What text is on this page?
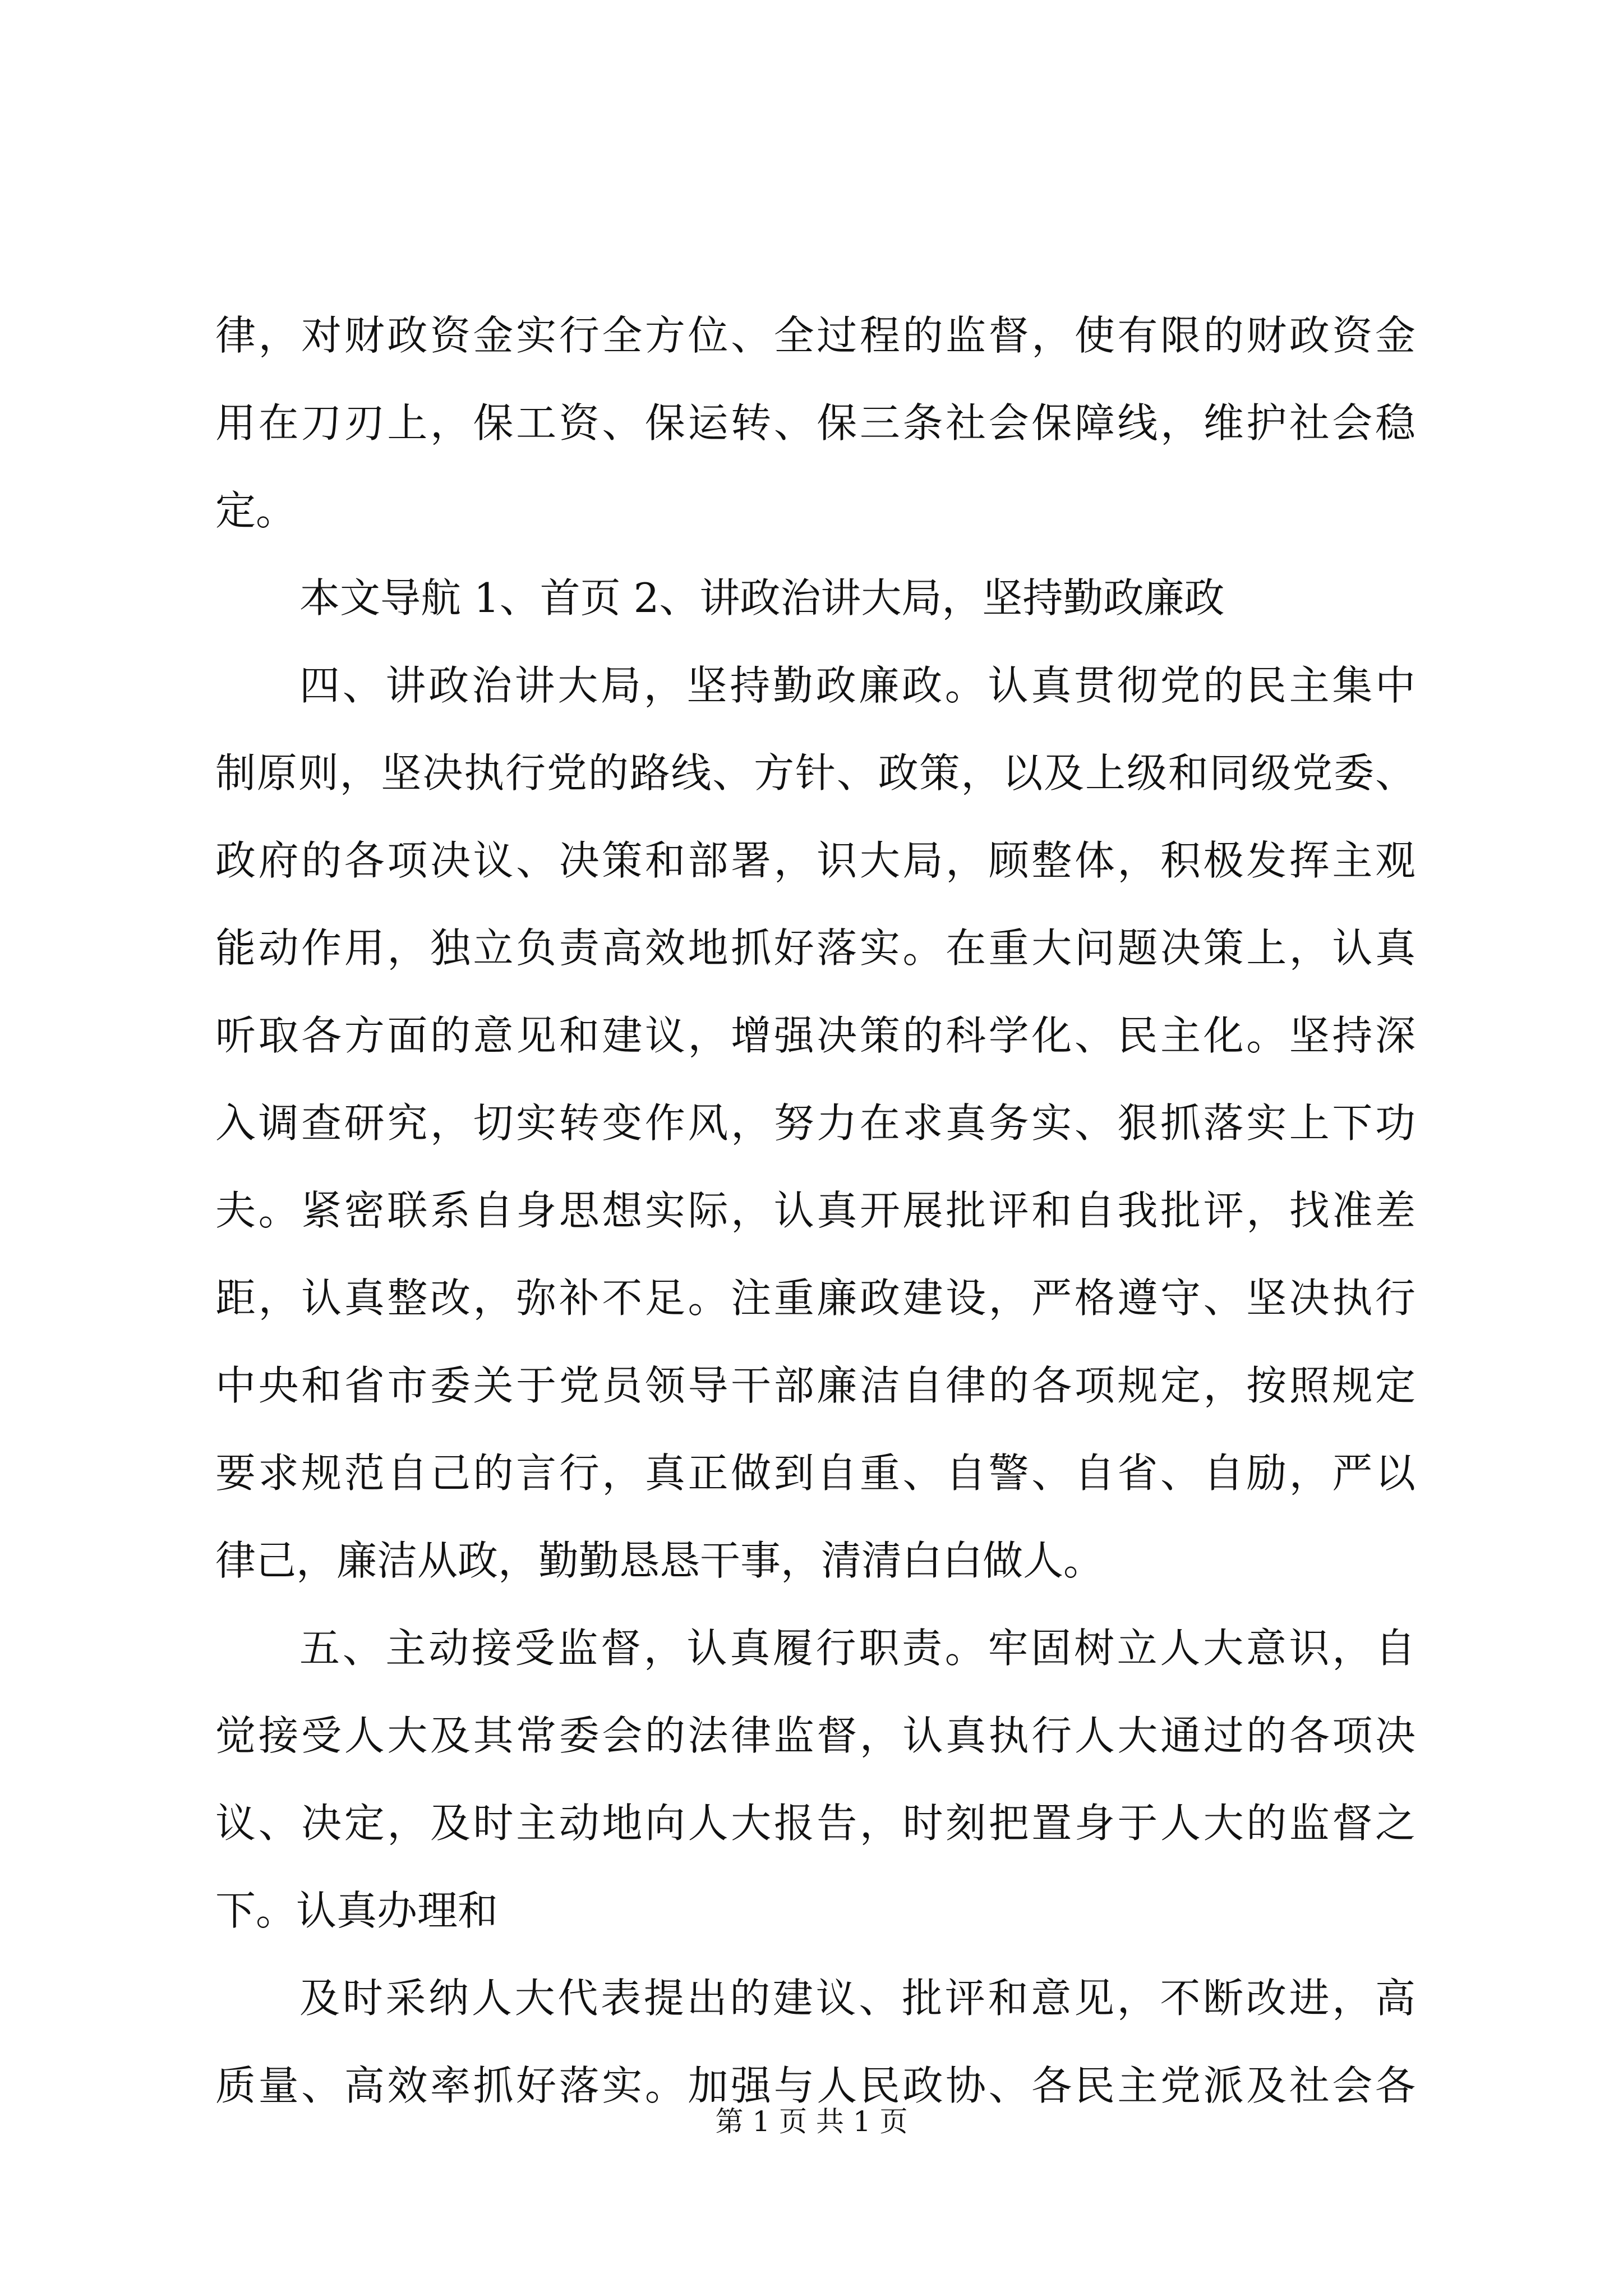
律，对财政资金实行全方位、全过程的监督，使有限的财政资金
用在刀刃上，保工资、保运转、保三条社会保障线，维护社会稳
定。
本文导航 1、首页 2、讲政治讲大局，坚持勤政廉政
四、讲政治讲大局，坚持勤政廉政。认真贯彻党的民主集中
制原则，坚决执行党的路线、方针、政策，以及上级和同级党委、
政府的各项决议、决策和部署，识大局，顾整体，积极发挥主观
能动作用，独立负责高效地抓好落实。在重大问题决策上，认真
听取各方面的意见和建议，增强决策的科学化、民主化。坚持深
入调查研究，切实转变作风，努力在求真务实、狠抓落实上下功
夫。紧密联系自身思想实际，认真开展批评和自我批评，找准差
距，认真整改，弥补不足。注重廉政建设，严格遵守、坚决执行
中央和省市委关于党员领导干部廉洁自律的各项规定，按照规定
要求规范自己的言行，真正做到自重、自警、自省、自励，严以
律己，廉洁从政，勤勤恳恳干事，清清白白做人。
五、主动接受监督，认真履行职责。牢固树立人大意识，自
觉接受人大及其常委会的法律监督，认真执行人大通过的各项决
议、决定，及时主动地向人大报告，时刻把置身于人大的监督之
下。认真办理和
及时采纳人大代表提出的建议、批评和意见，不断改进，高
质量、高效率抓好落实。加强与人民政协、各民主党派及社会各
第 1 页 共 1 页
